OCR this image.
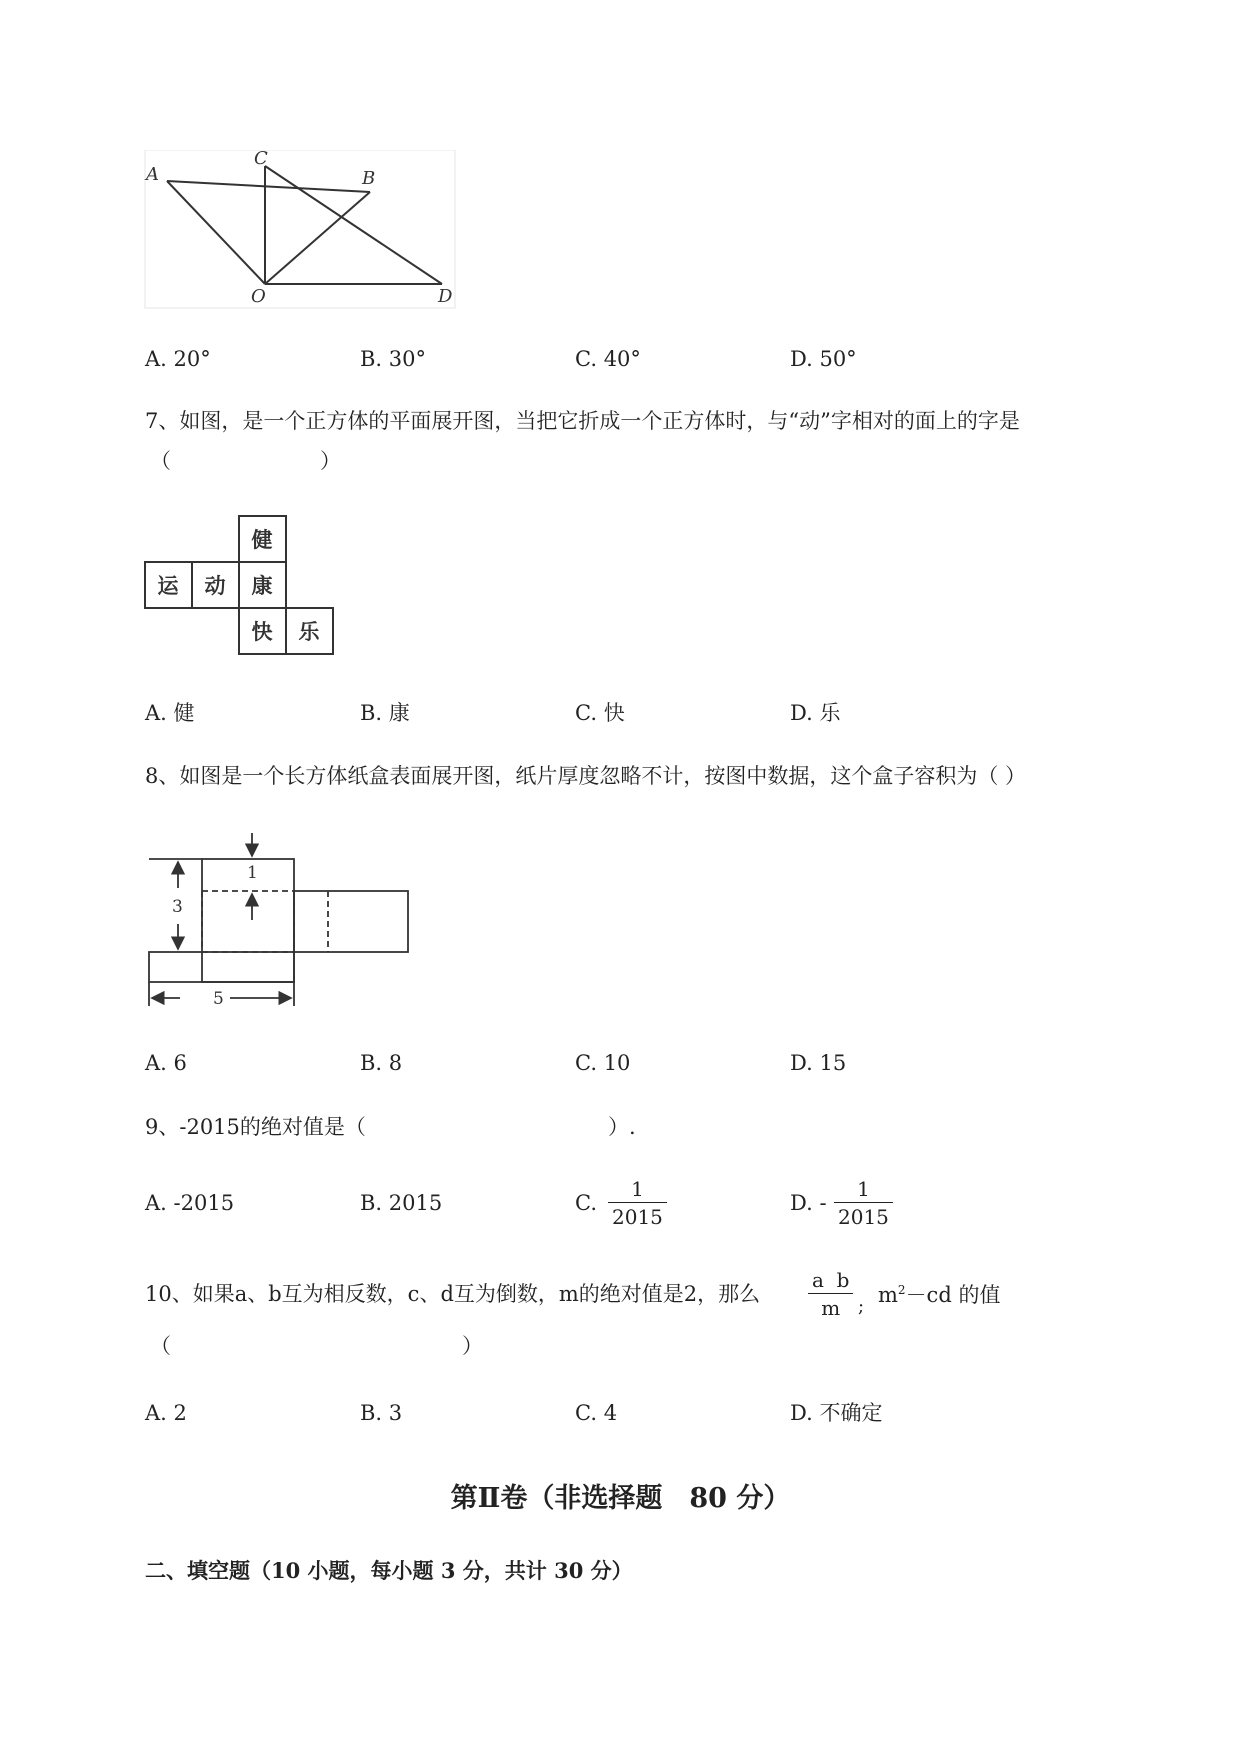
A
C
B
O	D
A. 20°	B. 30°	C. 40°	D. 50°
7、如图，是一个正方体的平面展开图，当把它折成一个正方体时，与“动”字相对的面上的字是
（	）
健
运 动 康
快 乐
A. 健	B. 康	C. 快	D. 乐
8、如图是一个长方体纸盒表面展开图，纸片厚度忽略不计，按图中数据，这个盒子容积为（ ）
1
3
5
A. 6	B. 8	C. 10	D. 15
9、-2015的绝对值是（	）.
A. -2015	B. 2015	C. $\frac{1}{2015}$	D. - $\frac{1}{2015}$
10、如果a、b互为相反数，c、d互为倒数，m的绝对值是2，那么 $\frac{\text{a  b}}{m}$ ; $m^2-cd$ 的值
（	）
A. 2	B. 3	C. 4	D. 不确定
第Ⅱ卷（非选择题　80 分）
二、填空题（10 小题，每小题 3 分，共计 30 分）
